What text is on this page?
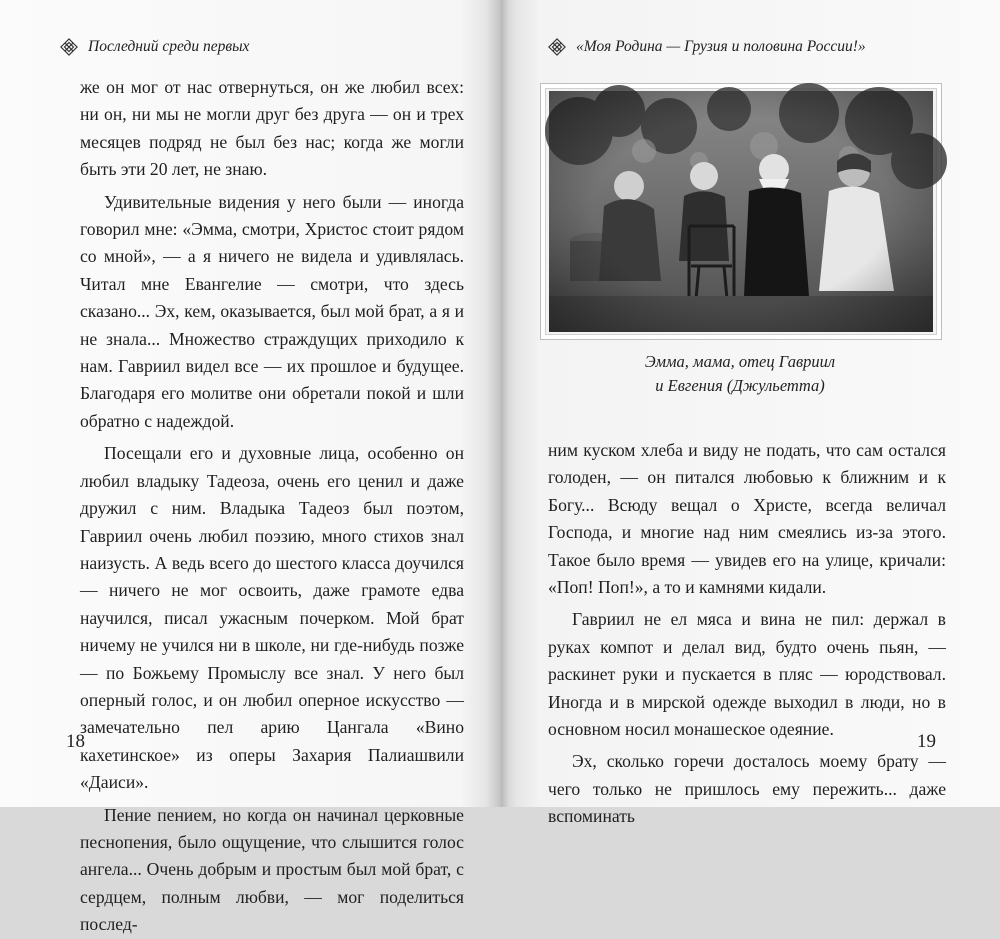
Последний среди первых

же он мог от нас отвернуться, он же любил всех: ни он, ни мы не могли друг без друга — он и трех месяцев подряд не был без нас; когда же могли быть эти 20 лет, не знаю.

Удивительные видения у него были — иногда говорил мне: «Эмма, смотри, Христос стоит рядом со мной», — а я ничего не видела и удивлялась. Читал мне Евангелие — смотри, что здесь сказано... Эх, кем, оказывается, был мой брат, а я и не знала... Множество страждущих приходило к нам. Гавриил видел все — их прошлое и будущее. Благодаря его молитве они обретали покой и шли обратно с надеждой.

Посещали его и духовные лица, особенно он любил владыку Тадеоза, очень его ценил и даже дружил с ним. Владыка Тадеоз был поэтом, Гавриил очень любил поэзию, много стихов знал наизусть. А ведь всего до шестого класса доучился — ничего не мог освоить, даже грамоте едва научился, писал ужасным почерком. Мой брат ничему не учился ни в школе, ни где-нибудь позже — по Божьему Промыслу все знал. У него был оперный голос, и он любил оперное искусство — замечательно пел арию Цангала «Вино кахетинское» из оперы Захария Палиашвили «Даиси».

Пение пением, но когда он начинал церковные песнопения, было ощущение, что слышится голос ангела... Очень добрым и простым был мой брат, с сердцем, полным любви, — мог поделиться послед-

18
«Моя Родина — Грузия и половина России!»
Эмма, мама, отец Гавриил
и Евгения (Джульетта)

ним куском хлеба и виду не подать, что сам остался голоден, — он питался любовью к ближним и к Богу... Всюду вещал о Христе, всегда величал Господа, и многие над ним смеялись из-за этого. Такое было время — увидев его на улице, кричали: «Поп! Поп!», а то и камнями кидали.

Гавриил не ел мяса и вина не пил: держал в руках компот и делал вид, будто очень пьян, — раскинет руки и пускается в пляс — юродствовал. Иногда и в мирской одежде выходил в люди, но в основном носил монашеское одеяние.

Эх, сколько горечи досталось моему брату — чего только не пришлось ему пережить... даже вспоминать

19
